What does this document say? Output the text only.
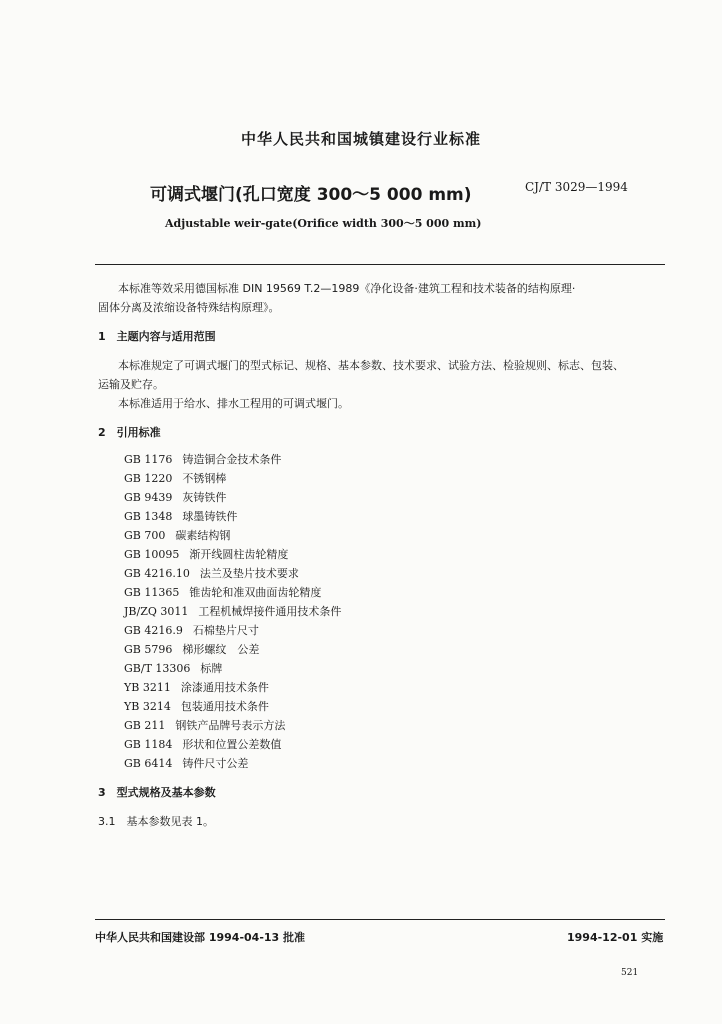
中华人民共和国城镇建设行业标准
可调式堰门(孔口宽度 300～5 000 mm)	CJ/T 3029—1994
Adjustable weir-gate(Orifice width 300～5 000 mm)
本标准等效采用德国标准 DIN 19569 T.2—1989《净化设备·建筑工程和技术装备的结构原理·
固体分离及浓缩设备特殊结构原理》。
1　主题内容与适用范围
本标准规定了可调式堰门的型式标记、规格、基本参数、技术要求、试验方法、检验规则、标志、包装、
运输及贮存。
本标准适用于给水、排水工程用的可调式堰门。
2　引用标准
GB 1176 铸造铜合金技术条件
GB 1220 不锈钢棒
GB 9439 灰铸铁件
GB 1348 球墨铸铁件
GB 700 碳素结构钢
GB 10095 渐开线圆柱齿轮精度
GB 4216.10 法兰及垫片技术要求
GB 11365 锥齿轮和准双曲面齿轮精度
JB/ZQ 3011 工程机械焊接件通用技术条件
GB 4216.9 石棉垫片尺寸
GB 5796 梯形螺纹　公差
GB/T 13306 标牌
YB 3211 涂漆通用技术条件
YB 3214 包装通用技术条件
GB 211 钢铁产品牌号表示方法
GB 1184 形状和位置公差数值
GB 6414 铸件尺寸公差
3　型式规格及基本参数
3.1　基本参数见表 1。
中华人民共和国建设部 1994-04-13 批准	1994-12-01 实施
521
